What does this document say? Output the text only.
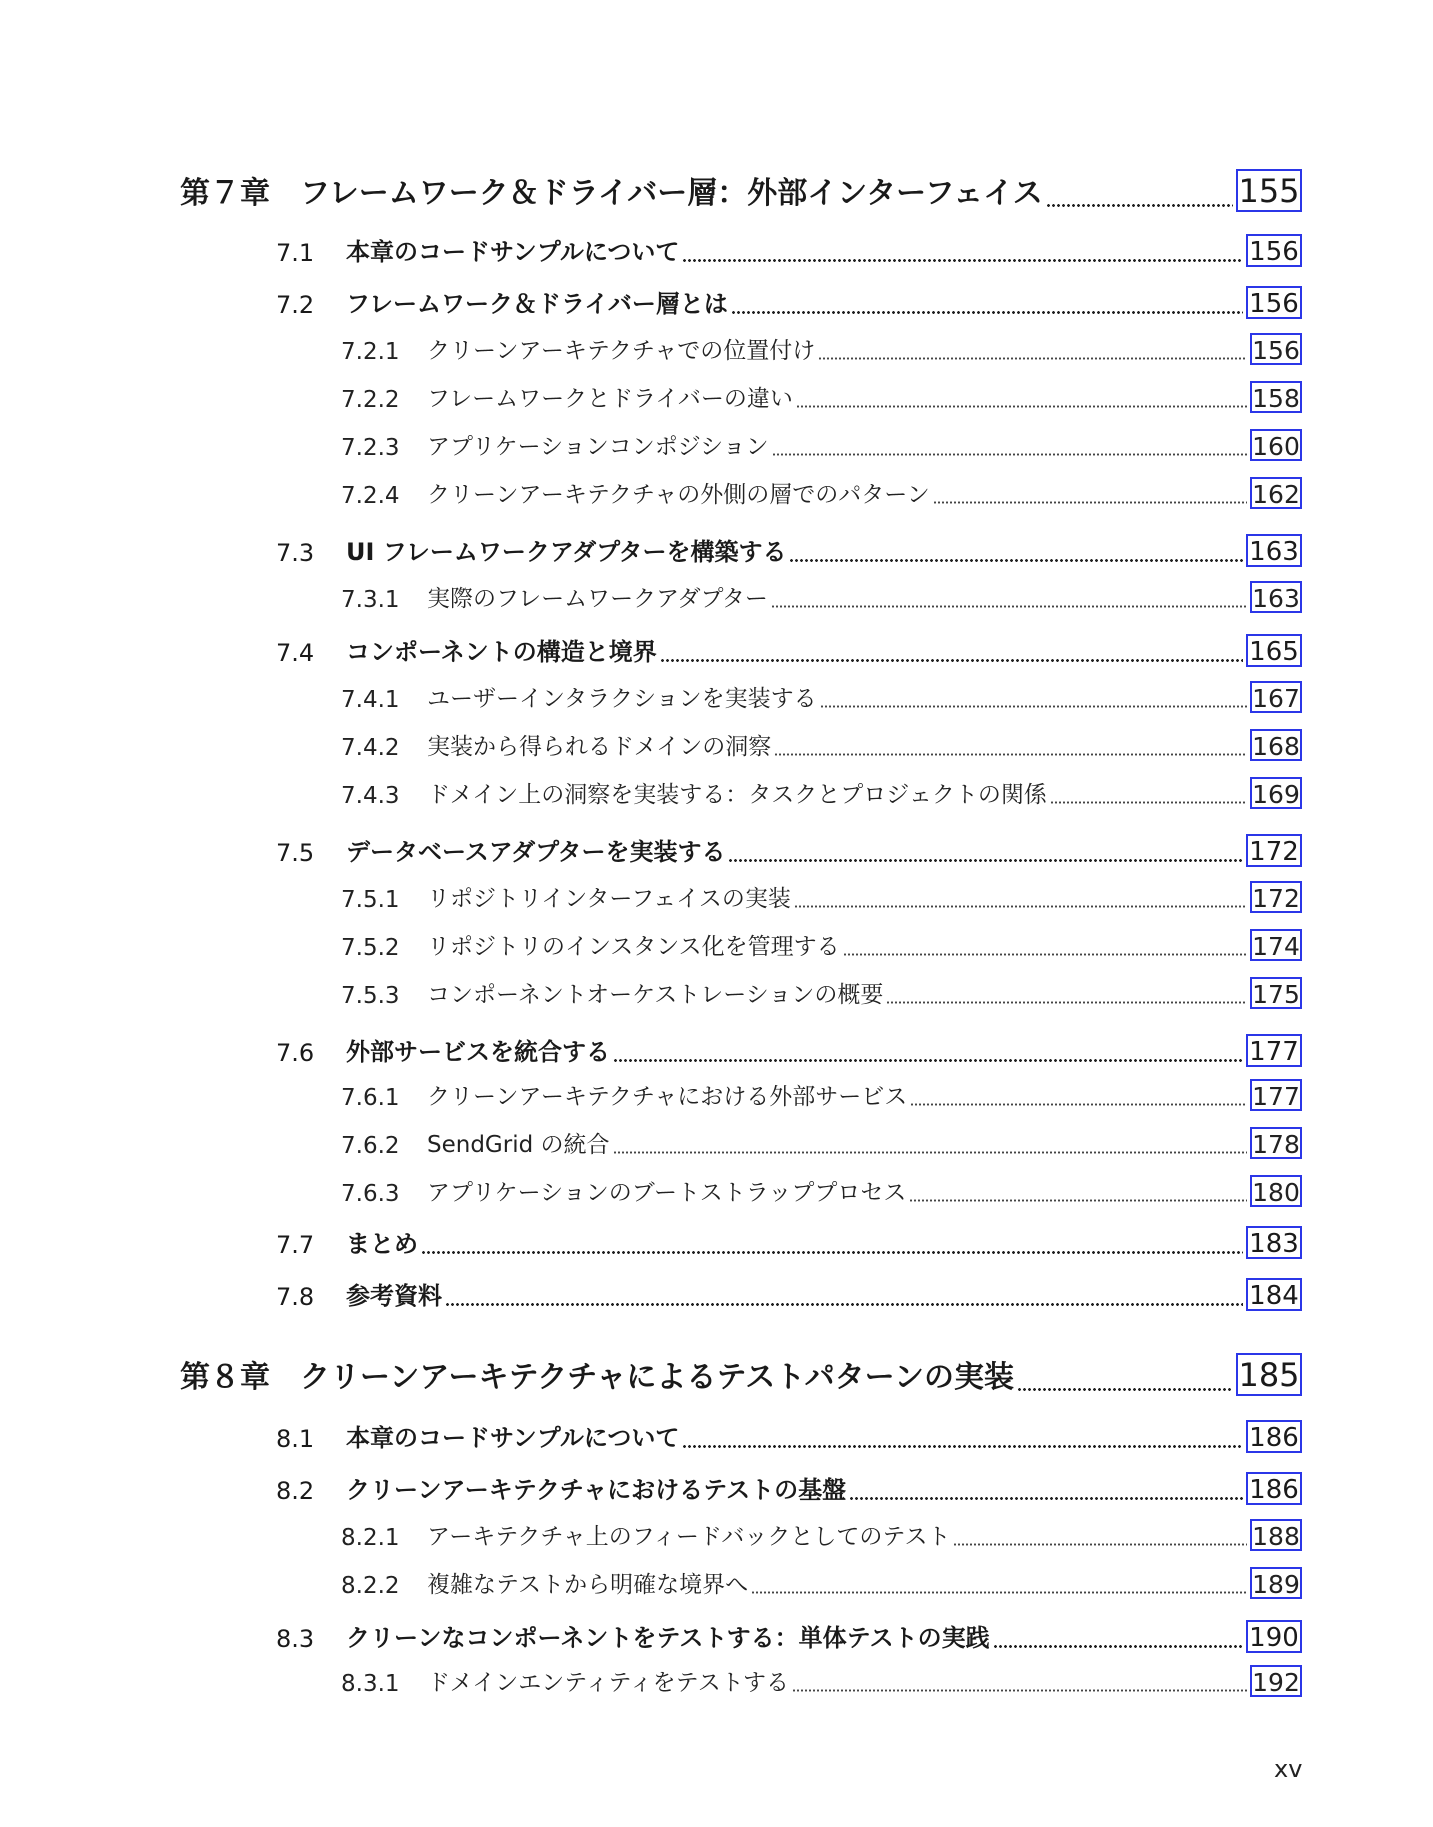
第７章	フレームワーク＆ドライバー層：外部インターフェイス	155
7.1	本章のコードサンプルについて	156
7.2	フレームワーク＆ドライバー層とは	156
7.2.1	クリーンアーキテクチャでの位置付け	156
7.2.2	フレームワークとドライバーの違い	158
7.2.3	アプリケーションコンポジション	160
7.2.4	クリーンアーキテクチャの外側の層でのパターン	162
7.3	UI フレームワークアダプターを構築する	163
7.3.1	実際のフレームワークアダプター	163
7.4	コンポーネントの構造と境界	165
7.4.1	ユーザーインタラクションを実装する	167
7.4.2	実装から得られるドメインの洞察	168
7.4.3	ドメイン上の洞察を実装する：タスクとプロジェクトの関係	169
7.5	データベースアダプターを実装する	172
7.5.1	リポジトリインターフェイスの実装	172
7.5.2	リポジトリのインスタンス化を管理する	174
7.5.3	コンポーネントオーケストレーションの概要	175
7.6	外部サービスを統合する	177
7.6.1	クリーンアーキテクチャにおける外部サービス	177
7.6.2	SendGrid の統合	178
7.6.3	アプリケーションのブートストラッププロセス	180
7.7	まとめ	183
7.8	参考資料	184
第８章	クリーンアーキテクチャによるテストパターンの実装	185
8.1	本章のコードサンプルについて	186
8.2	クリーンアーキテクチャにおけるテストの基盤	186
8.2.1	アーキテクチャ上のフィードバックとしてのテスト	188
8.2.2	複雑なテストから明確な境界へ	189
8.3	クリーンなコンポーネントをテストする：単体テストの実践	190
8.3.1	ドメインエンティティをテストする	192
xv
